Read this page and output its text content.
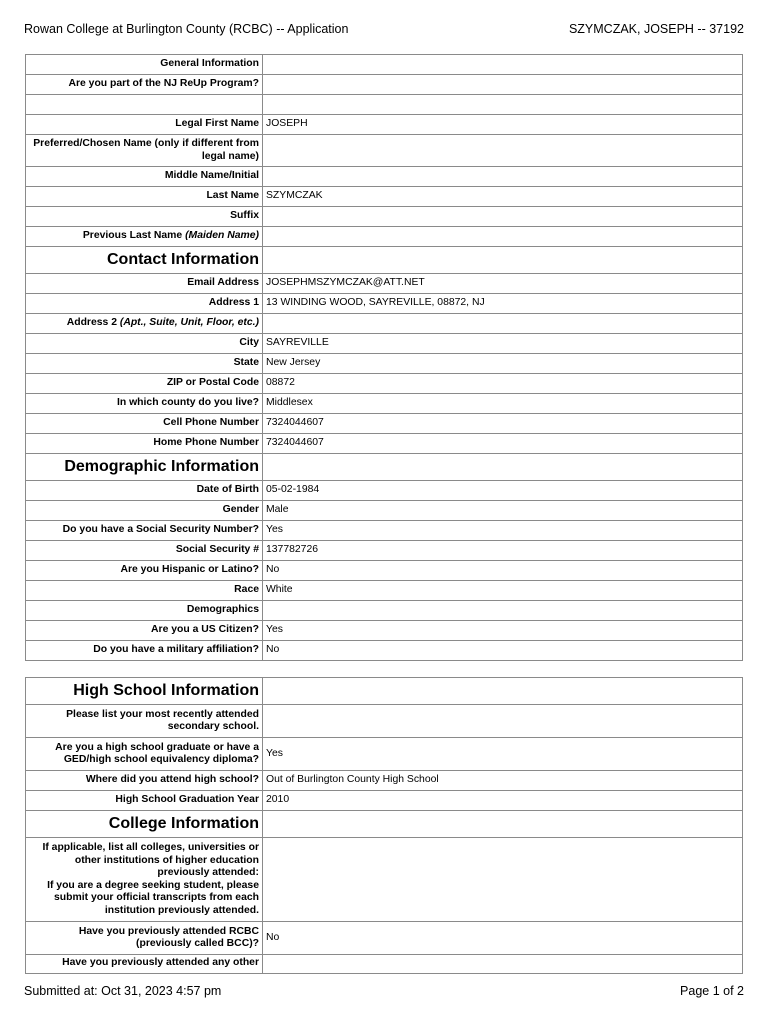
Rowan College at Burlington County (RCBC) -- Application	SZYMCZAK, JOSEPH -- 37192
General Information	
Are you part of the NJ ReUp Program?	

Legal First Name	JOSEPH
Preferred/Chosen Name (only if different from legal name)	
Middle Name/Initial	
Last Name	SZYMCZAK
Suffix	
Previous Last Name (Maiden Name)	
Contact Information	
Email Address	JOSEPHMSZYMCZAK@ATT.NET
Address 1	13 WINDING WOOD, SAYREVILLE, 08872, NJ
Address 2 (Apt., Suite, Unit, Floor, etc.)	
City	SAYREVILLE
State	New Jersey
ZIP or Postal Code	08872
In which county do you live?	Middlesex
Cell Phone Number	7324044607
Home Phone Number	7324044607
Demographic Information	
Date of Birth	05-02-1984
Gender	Male
Do you have a Social Security Number?	Yes
Social Security #	137782726
Are you Hispanic or Latino?	No
Race	White
Demographics	
Are you a US Citizen?	Yes
Do you have a military affiliation?	No
High School Information	
Please list your most recently attended secondary school.	
Are you a high school graduate or have a GED/high school equivalency diploma?	Yes
Where did you attend high school?	Out of Burlington County High School
High School Graduation Year	2010
College Information	

If applicable, list all colleges, universities or other institutions of higher education previously attended:
If you are a degree seeking student, please submit your official transcripts from each institution previously attended.	

Have you previously attended RCBC (previously called BCC)?	No
Have you previously attended any other	
Submitted at: Oct 31, 2023 4:57 pm	Page 1 of 2
